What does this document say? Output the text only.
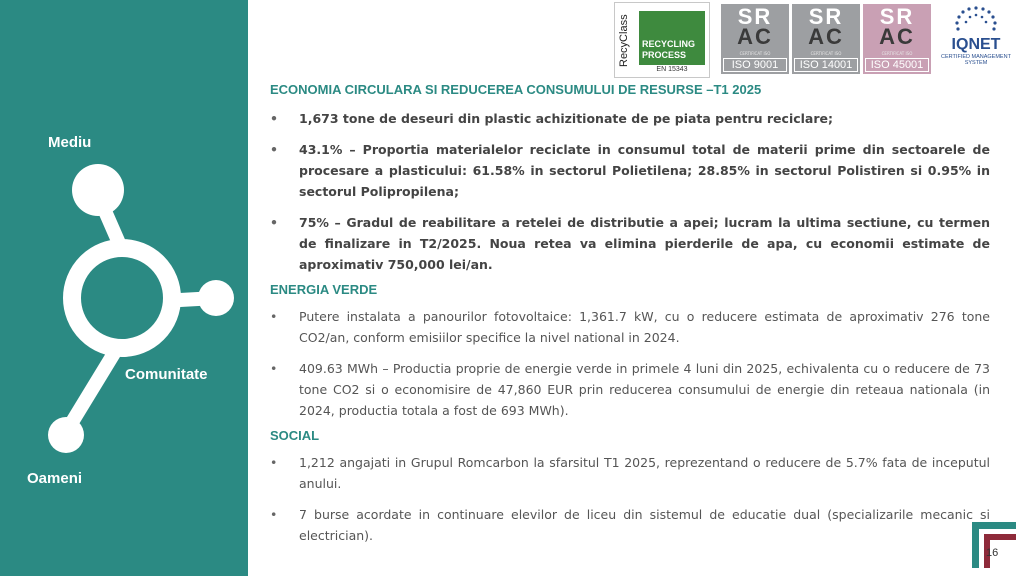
Mediu
Comunitate
Oameni
RecyClass	RECYCLING PROCESS
EN 15343
SR
AC
CERTIFICAT ISO
ISO 9001
SR
AC
CERTIFICAT ISO
ISO 14001
SR
AC
CERTIFICAT ISO
ISO 45001
IQNET
CERTIFIED MANAGEMENT SYSTEM
ECONOMIA CIRCULARA SI REDUCEREA CONSUMULUI DE RESURSE –T1 2025
• 1,673 tone de deseuri din plastic achizitionate de pe piata pentru reciclare;
• 43.1% – Proportia materialelor reciclate in consumul total de materii prime din sectoarele de procesare a plasticului: 61.58% in sectorul Polietilena; 28.85% in sectorul Polistiren si 0.95% in sectorul Polipropilena;
• 75% – Gradul de reabilitare a retelei de distributie a apei; lucram la ultima sectiune, cu termen de finalizare in T2/2025. Noua retea va elimina pierderile de apa, cu economii estimate de aproximativ 750,000 lei/an.
ENERGIA VERDE
• Putere instalata a panourilor fotovoltaice: 1,361.7 kW, cu o reducere estimata de aproximativ 276 tone CO2/an, conform emisiilor specifice la nivel national in 2024.
• 409.63 MWh – Productia proprie de energie verde in primele 4 luni din 2025, echivalenta cu o reducere de 73 tone CO2 si o economisire de 47,860 EUR prin reducerea consumului de energie din reteaua nationala (in 2024, productia totala a fost de 693 MWh).
SOCIAL
• 1,212 angajati in Grupul Romcarbon la sfarsitul T1 2025, reprezentand o reducere de 5.7% fata de inceputul anului.
• 7 burse acordate in continuare elevilor de liceu din sistemul de educatie dual (specializarile mecanic si electrician).
16
